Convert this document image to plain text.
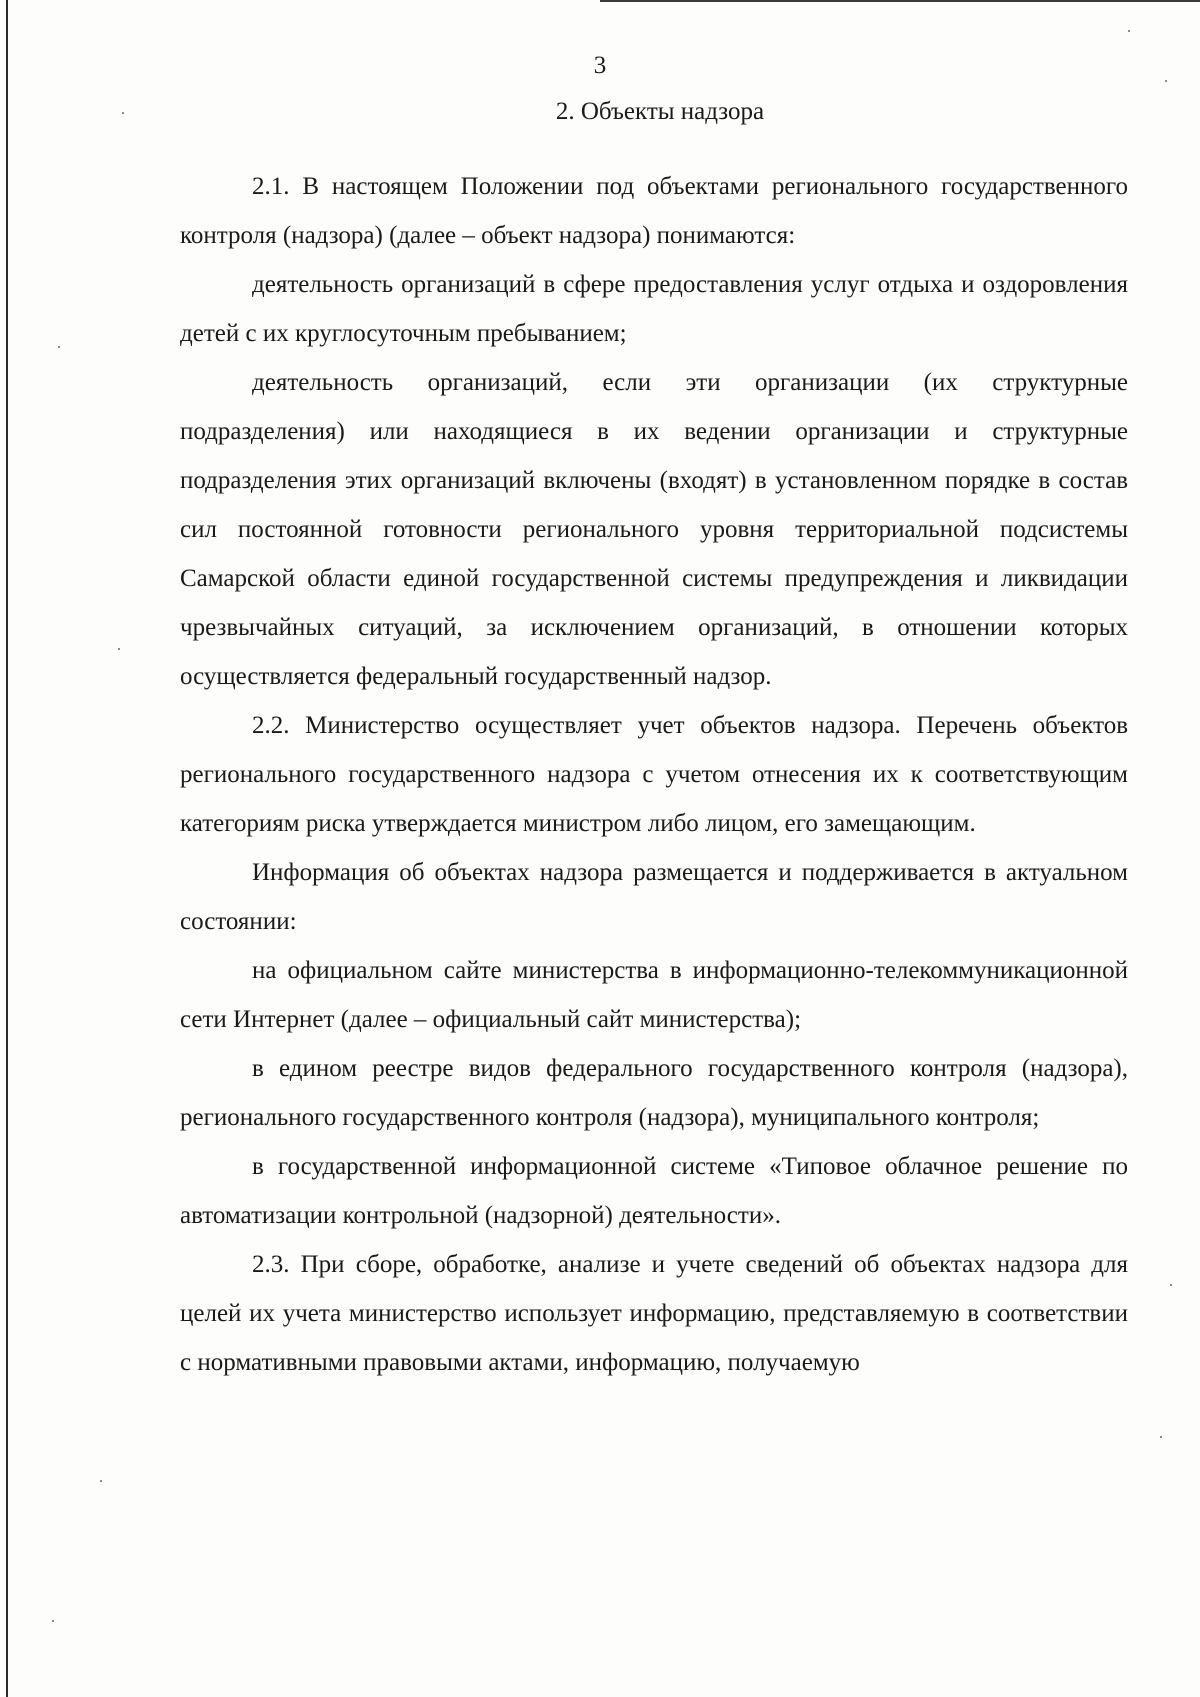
3
2. Объекты надзора

2.1. В настоящем Положении под объектами регионального государственного контроля (надзора) (далее – объект надзора) понимаются:

деятельность организаций в сфере предоставления услуг отдыха и оздоровления детей с их круглосуточным пребыванием;

деятельность организаций, если эти организации (их структурные подразделения) или находящиеся в их ведении организации и структурные подразделения этих организаций включены (входят) в установленном порядке в состав сил постоянной готовности регионального уровня территориальной подсистемы Самарской области единой государственной системы предупреждения и ликвидации чрезвычайных ситуаций, за исключением организаций, в отношении которых осуществляется федеральный государственный надзор.

2.2. Министерство осуществляет учет объектов надзора. Перечень объектов регионального государственного надзора с учетом отнесения их к соответствующим категориям риска утверждается министром либо лицом, его замещающим.

Информация об объектах надзора размещается и поддерживается в актуальном состоянии:

на официальном сайте министерства в информационно-телекоммуникационной сети Интернет (далее – официальный сайт министерства);

в едином реестре видов федерального государственного контроля (надзора), регионального государственного контроля (надзора), муниципального контроля;

в государственной информационной системе «Типовое облачное решение по автоматизации контрольной (надзорной) деятельности».

2.3. При сборе, обработке, анализе и учете сведений об объектах надзора для целей их учета министерство использует информацию, представляемую в соответствии с нормативными правовыми актами, информацию, получаемую
